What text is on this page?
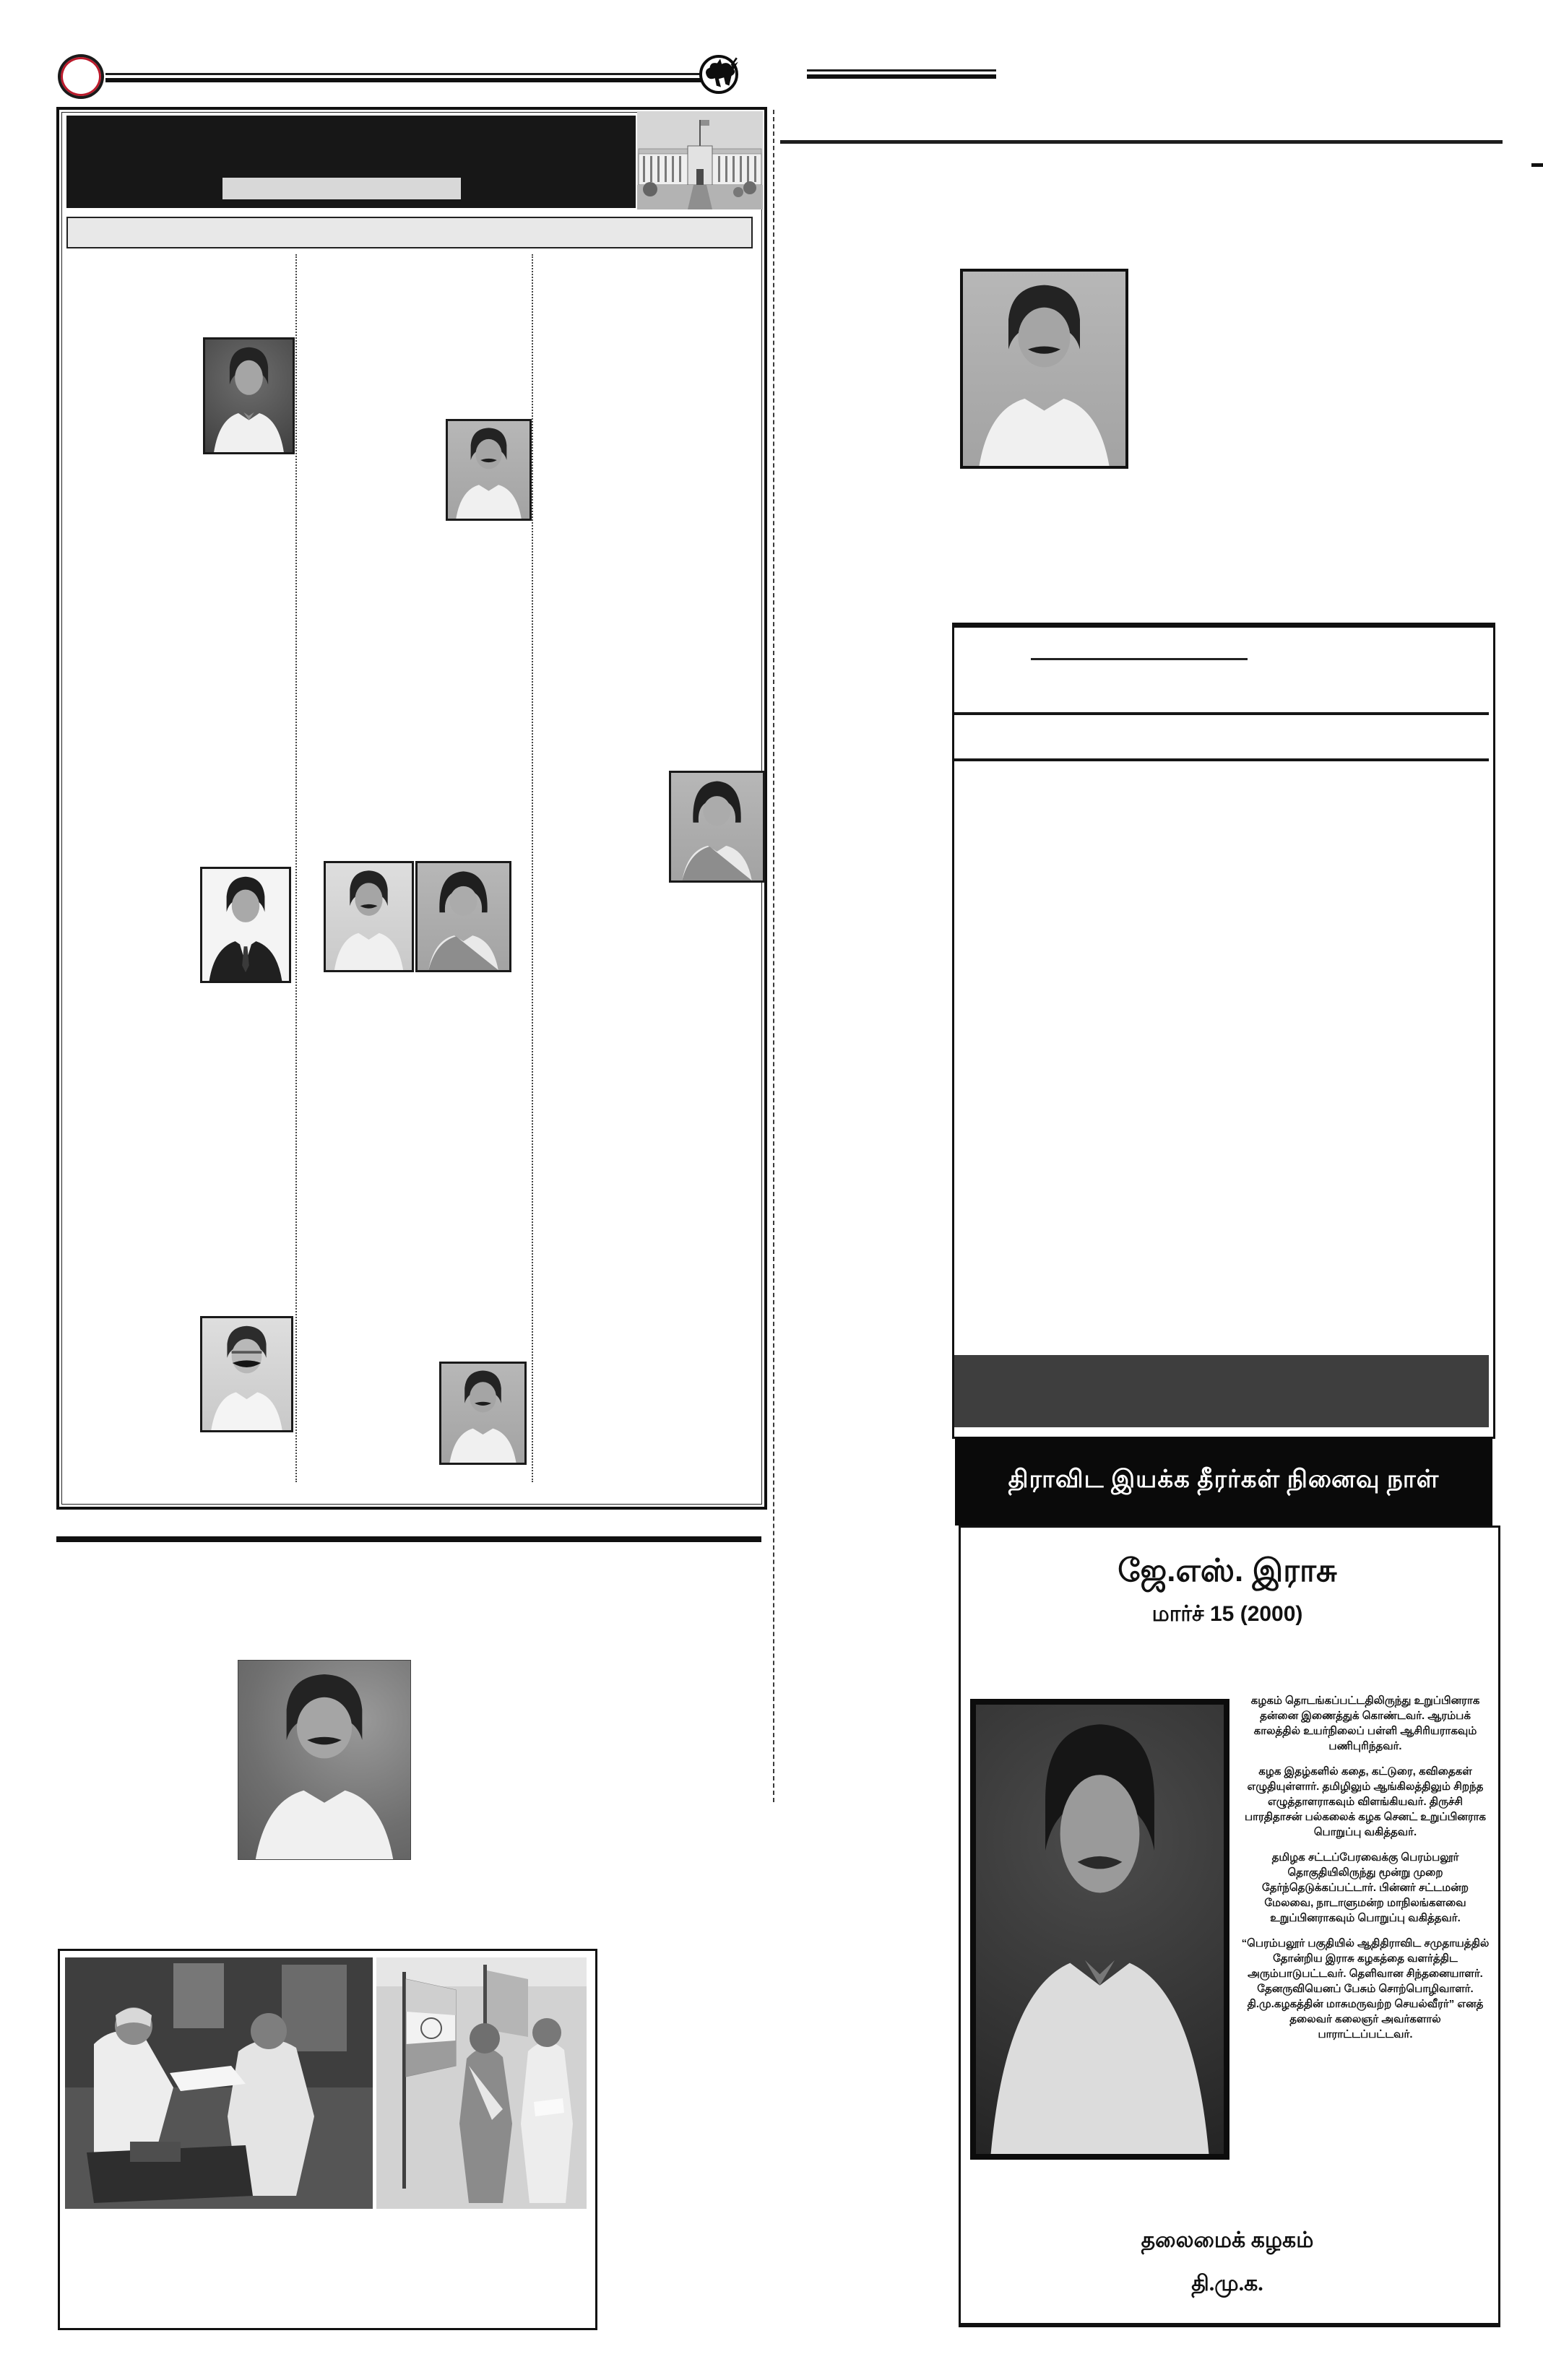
திராவிட இயக்க தீரர்கள் நினைவு நாள்
ஜே.எஸ். இராசு
மார்ச் 15 (2000)

கழகம் தொடங்கப்பட்டதிலிருந்து உறுப்பினராக தன்னை இணைத்துக் கொண்டவர். ஆரம்பக் காலத்தில் உயர்நிலைப் பள்ளி ஆசிரியராகவும் பணிபுரிந்தவர்.

கழக இதழ்களில் கதை, கட்டுரை, கவிதைகள் எழுதியுள்ளார். தமிழிலும் ஆங்கிலத்திலும் சிறந்த எழுத்தாளராகவும் விளங்கியவர். திருச்சி பாரதிதாசன் பல்கலைக் கழக செனட் உறுப்பினராக பொறுப்பு வகித்தவர்.

தமிழக சட்டப்பேரவைக்கு பெரம்பலூர் தொகுதியிலிருந்து மூன்று முறை தேர்ந்தெடுக்கப்பட்டார். பின்னர் சட்டமன்ற மேலவை, நாடாளுமன்ற மாநிலங்களவை உறுப்பினராகவும் பொறுப்பு வகித்தவர்.

“பெரம்பலூர் பகுதியில் ஆதிதிராவிட சமுதாயத்தில் தோன்றிய இராசு கழகத்தை வளர்த்திட அரும்பாடுபட்டவர். தெளிவான சிந்தனையாளர். தேனருவியெனப் பேசும் சொற்பொழிவாளர். தி.மு.கழகத்தின் மாசுமருவற்ற செயல்வீரர்” எனத் தலைவர் கலைஞர் அவர்களால் பாராட்டப்பட்டவர்.

தலைமைக் கழகம்
தி.மு.க.
